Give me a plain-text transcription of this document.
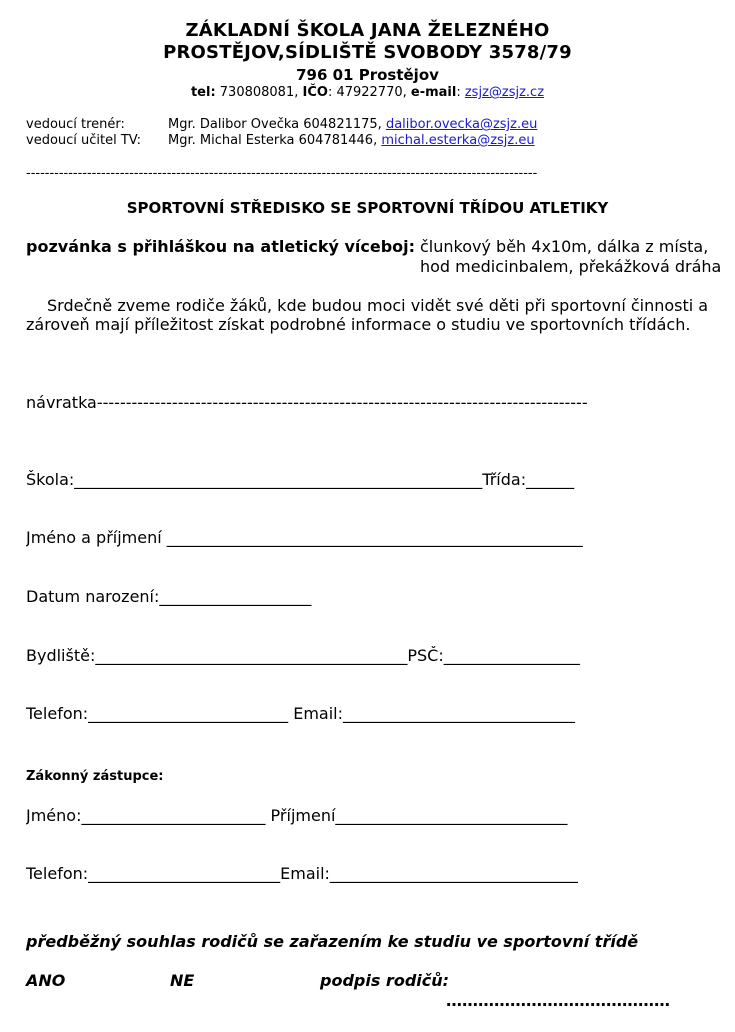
ZÁKLADNÍ ŠKOLA JANA ŽELEZNÉHO
PROSTĚJOV,SÍDLIŠTĚ SVOBODY 3578/79
796 01 Prostějov
tel: 730808081, IČO: 47922770, e-mail: zsjz@zsjz.cz
vedoucí trenér:	Mgr. Dalibor Ovečka 604821175, dalibor.ovecka@zsjz.eu
vedoucí učitel TV: Mgr. Michal Esterka 604781446, michal.esterka@zsjz.eu
-------------------------------------------------------------------------------------------------------------
SPORTOVNÍ STŘEDISKO SE SPORTOVNÍ TŘÍDOU ATLETIKY
pozvánka s přihláškou na atletický víceboj: člunkový běh 4x10m, dálka z místa,
hod medicinbalem, překážková dráha
Srdečně zveme rodiče žáků, kde budou moci vidět své děti při sportovní činnosti a
zároveň mají příležitost získat podrobné informace o studiu ve sportovních třídách.
návratka-------------------------------------------------------------------------------------
Škola:___________________________________________________Třída:______
Jméno a příjmení ____________________________________________________
Datum narození:___________________
Bydliště:_______________________________________PSČ:_________________
Telefon:_________________________ Email:_____________________________
Zákonný zástupce:
Jméno:_______________________ Příjmení_____________________________
Telefon:________________________Email:_______________________________
předběžný souhlas rodičů se zařazením ke studiu ve sportovní třídě
ANO	NE	podpis rodičů:
……………………………………
